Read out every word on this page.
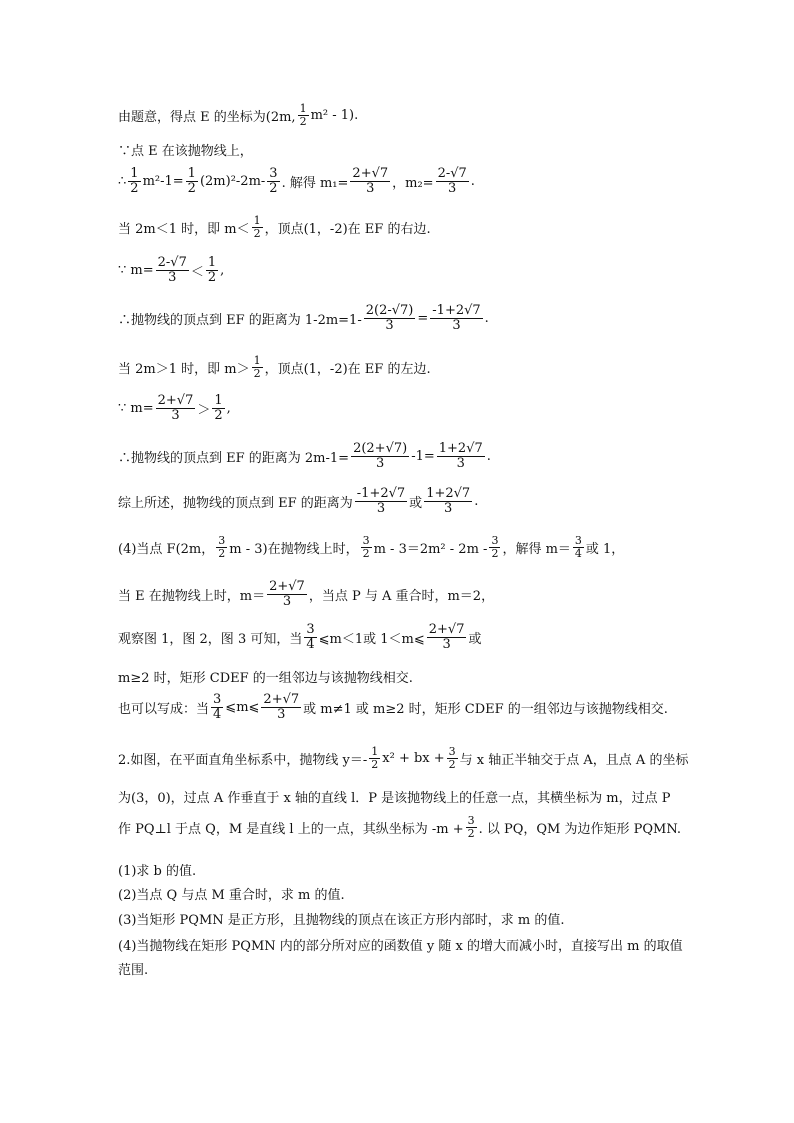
由题意，得点 E 的坐标为(2m, $\frac{1}{2} m^2 - 1$).
∵点 E 在该抛物线上，
∴ $\frac{1}{2} m^2-1= \frac{1}{2} (2m)^2-2m- \frac{3}{2}$ . 解得 $m_1= \frac{2+√7}{3}$ ，$m_2= \frac{2-√7}{3}$ .
当 2m＜1 时，即 $m< \frac{1}{2}$ ，顶点(1，-2)在 EF 的右边.
∵ $m= \frac{2-√7}{3} < \frac{1}{2}$ ,
∴抛物线的顶点到 EF 的距离为 $1-2m=1- \frac{2(2-√7)}{3} = \frac{-1+2√7}{3}$ .
当 2m＞1 时，即 $m> \frac{1}{2}$ ，顶点(1，-2)在 EF 的左边.
∵ $m= \frac{2+√7}{3} > \frac{1}{2}$ ,
∴抛物线的顶点到 EF 的距离为 $2m-1= \frac{2(2+√7)}{3} -1= \frac{1+2√7}{3}$ .
综上所述，抛物线的顶点到 EF 的距离为 $\frac{-1+2√7}{3}$ 或 $\frac{1+2√7}{3}$ .
(4)当点 F(2m， $\frac{3}{2}$ m - 3)在抛物线上时， $\frac{3}{2}$ $m - 3=2m^2 - 2m - \frac{3}{2}$ ，解得 $m= \frac{3}{4}$ 或 1，
当 E 在抛物线上时，$m= \frac{2+√7}{3}$ ，当点 P 与 A 重合时，m＝2，
观察图 1，图 2，图 3 可知，当 $\frac{3}{4}$ ⩽m＜1或 1＜m⩽ $\frac{2+√7}{3}$ 或
m≥2 时，矩形 CDEF 的一组邻边与该抛物线相交.
也可以写成：当 $\frac{3}{4}$ ⩽m⩽ $\frac{2+√7}{3}$ 或 m≠1 或 m≥2 时，矩形 CDEF 的一组邻边与该抛物线相交.
2.如图，在平面直角坐标系中，抛物线 $y=- \frac{1}{2} x^2$ + bx + $\frac{3}{2}$ 与 x 轴正半轴交于点 A，且点 A 的坐标
为(3，0)，过点 A 作垂直于 x 轴的直线 l．P 是该抛物线上的任意一点，其横坐标为 m，过点 P
作 PQ⊥l 于点 Q，M 是直线 l 上的一点，其纵坐标为 $-m + \frac{3}{2}$ . 以 PQ，QM 为边作矩形 PQMN.
(1)求 b 的值.
(2)当点 Q 与点 M 重合时，求 m 的值.
(3)当矩形 PQMN 是正方形，且抛物线的顶点在该正方形内部时，求 m 的值.
(4)当抛物线在矩形 PQMN 内的部分所对应的函数值 y 随 x 的增大而减小时，直接写出 m 的取值
范围.
